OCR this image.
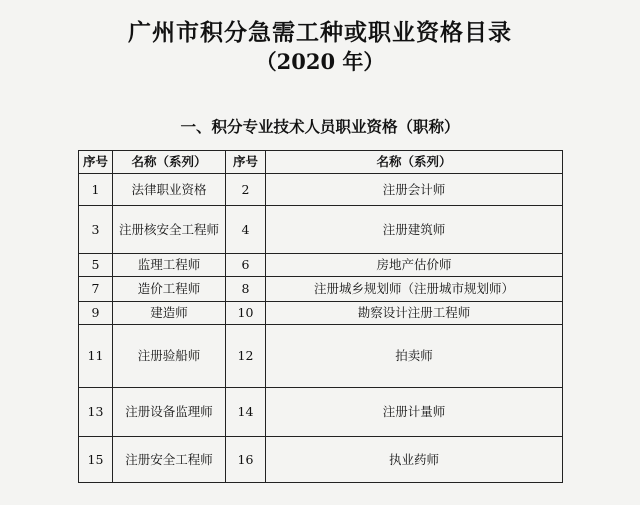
广州市积分急需工种或职业资格目录
（2020 年）
一、积分专业技术人员职业资格（职称）
序号	名称（系列）	序号	名称（系列）
1	法律职业资格	2	注册会计师
3	注册核安全工程师	4	注册建筑师
5	监理工程师	6	房地产估价师
7	造价工程师	8	注册城乡规划师（注册城市规划师）
9	建造师	10	勘察设计注册工程师
11	注册验船师	12	拍卖师
13	注册设备监理师	14	注册计量师
15	注册安全工程师	16	执业药师
